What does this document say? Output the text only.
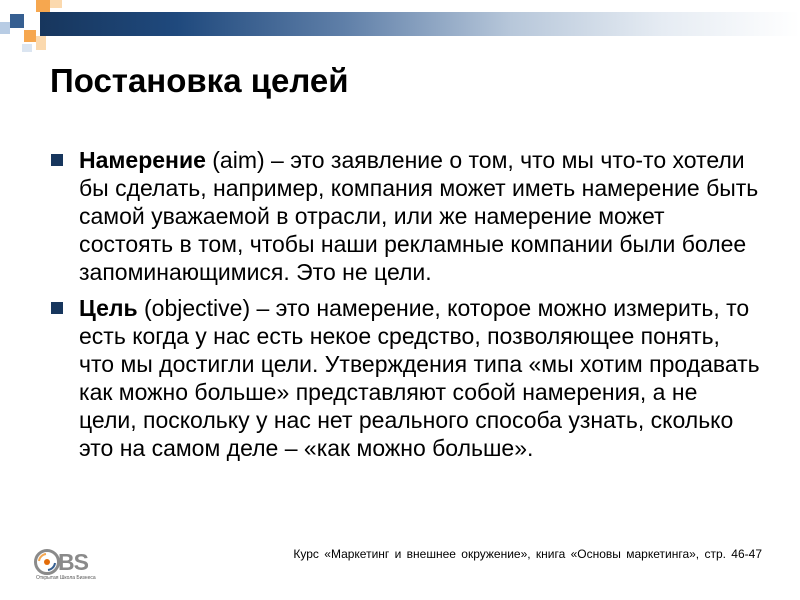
Постановка целей
Намерение (aim) – это заявление о том, что мы что-то хотели бы сделать, например, компания может иметь намерение быть самой уважаемой в отрасли, или же намерение может состоять в том, чтобы наши рекламные компании были более запоминающимися. Это не цели.
Цель (objective) – это намерение, которое можно измерить, то есть когда у нас есть некое средство, позволяющее понять, что мы достигли цели. Утверждения типа «мы хотим продавать как можно больше» представляют собой намерения, а не цели, поскольку у нас нет реального способа узнать, сколько это на самом деле – «как можно больше».
BS
Открытая Школа Бизнеса
Курс «Маркетинг и внешнее окружение», книга «Основы маркетинга», стр. 46-47
